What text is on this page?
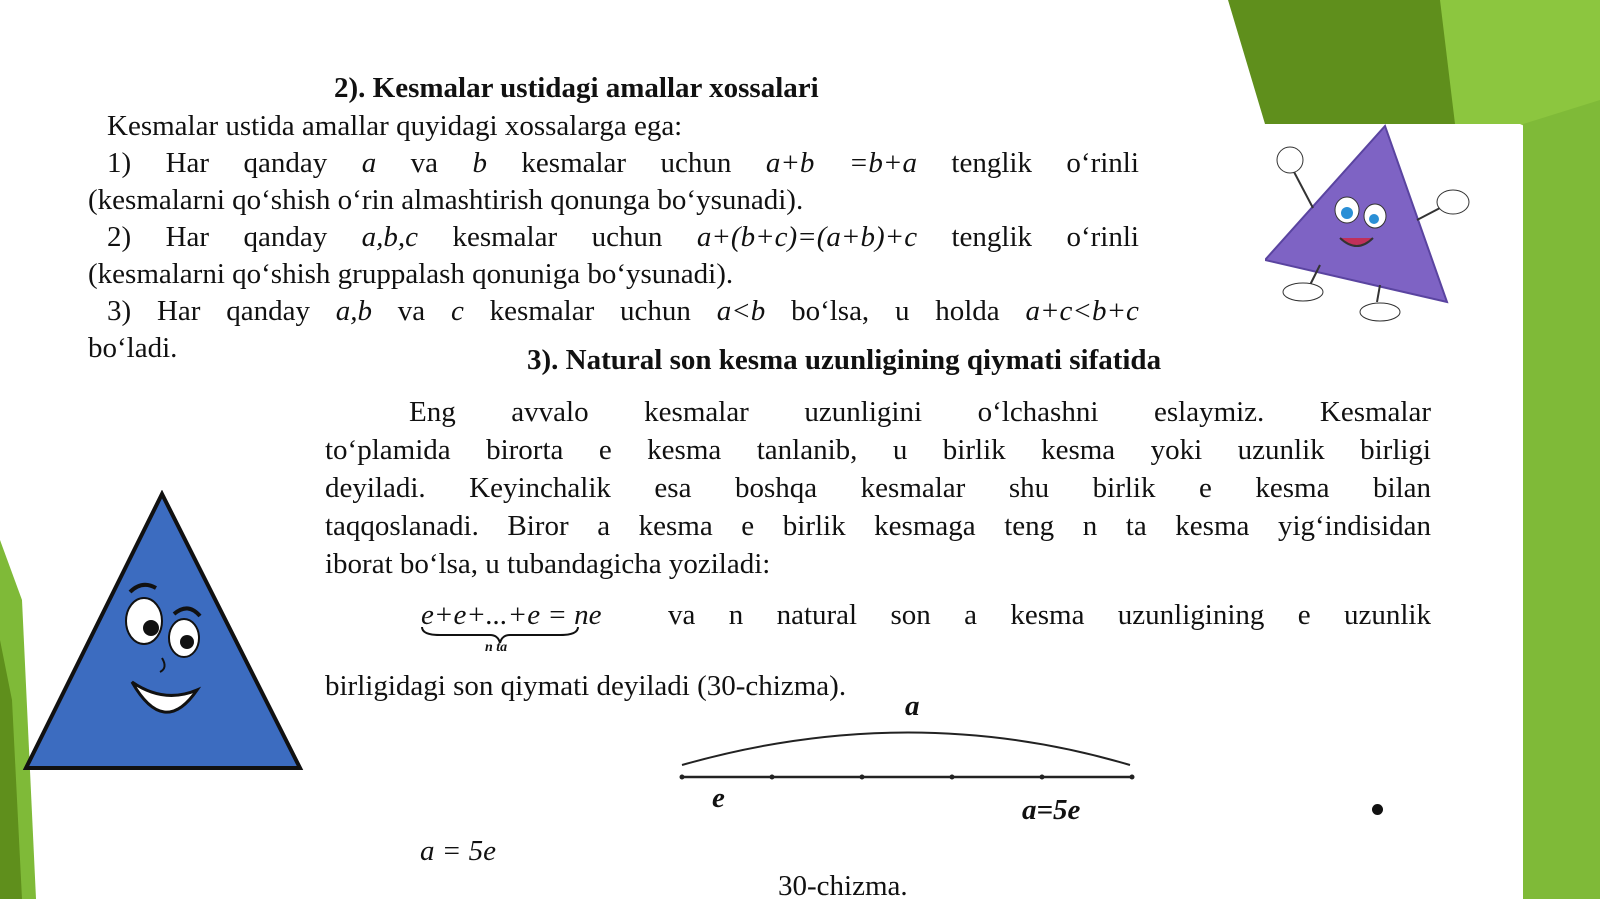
2). Kesmalar ustidagi amallar xossalari
Kesmalar ustida amallar quyidagi xossalarga ega:
1) Har qanday a va b kesmalar uchun a+b =b+a tenglik o‘rinli
(kesmalarni qo‘shish o‘rin almashtirish qonunga bo‘ysunadi).
2) Har qanday a,b,c kesmalar uchun a+(b+c)=(a+b)+c tenglik o‘rinli
(kesmalarni qo‘shish gruppalash qonuniga bo‘ysunadi).
3) Har qanday a,b va c kesmalar uchun a<b bo‘lsa, u holda a+c<b+c
bo‘ladi.	3). Natural son kesma uzunligining qiymati sifatida
Eng avvalo kesmalar uzunligini o‘lchashni eslaymiz. Kesmalar
to‘plamida birorta e kesma tanlanib, u birlik kesma yoki uzunlik birligi
deyiladi. Keyinchalik esa boshqa kesmalar shu birlik e kesma bilan
taqqoslanadi. Biror a kesma e birlik kesmaga teng n ta kesma yig‘indisidan
iborat bo‘lsa, u tubandagicha yoziladi:
e+e+...+e = ne
n ta
va n natural son a kesma uzunligining e uzunlik
birligidagi son qiymati deyiladi (30-chizma).
a
e	a=5e
a = 5e
30-chizma.
